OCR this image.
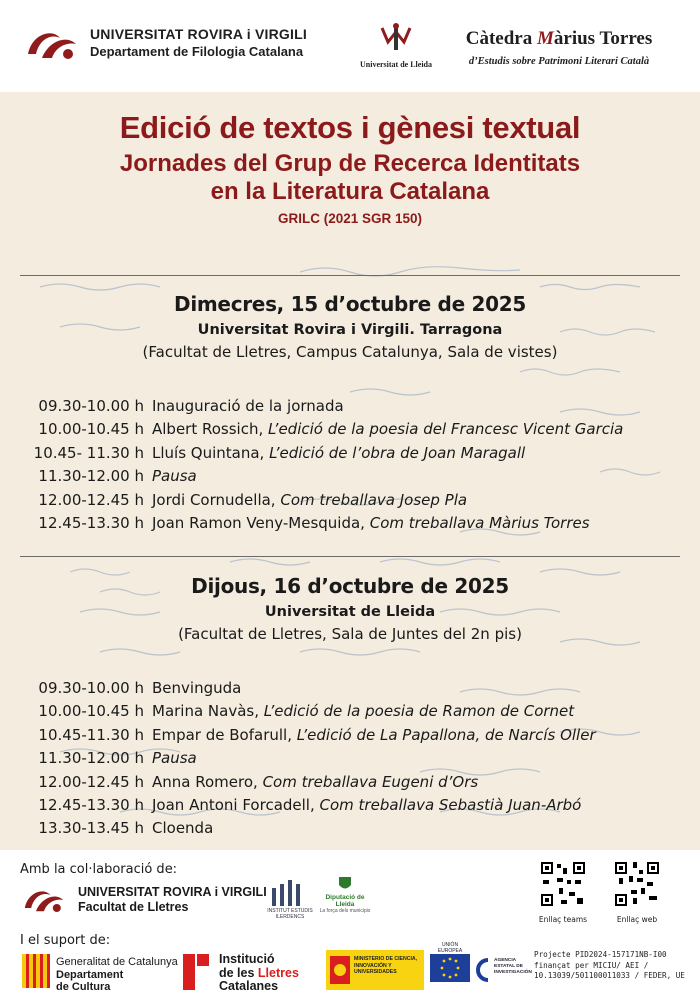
UNIVERSITAT ROVIRA i VIRGILI
Departament de Filologia Catalana
Universitat de Lleida
Càtedra Màrius Torres
d’Estudis sobre Patrimoni Literari Català
Edició de textos i gènesi textual
Jornades del Grup de Recerca Identitats
en la Literatura Catalana
GRILC (2021 SGR 150)
Dimecres, 15 d’octubre de 2025
Universitat Rovira i Virgili. Tarragona
(Facultat de Lletres, Campus Catalunya, Sala de vistes)
09.30-10.00 h Inauguració de la jornada
10.00-10.45 h Albert Rossich, L’edició de la poesia del Francesc Vicent Garcia
10.45- 11.30 h Lluís Quintana, L’edició de l’obra de Joan Maragall
11.30-12.00 h Pausa
12.00-12.45 h Jordi Cornudella, Com treballava Josep Pla
12.45-13.30 h Joan Ramon Veny-Mesquida, Com treballava Màrius Torres
Dijous, 16 d’octubre de 2025
Universitat de Lleida
(Facultat de Lletres, Sala de Juntes del 2n pis)
09.30-10.00 h Benvinguda
10.00-10.45 h Marina Navàs, L’edició de la poesia de Ramon de Cornet
10.45-11.30 h Empar de Bofarull, L’edició de La Papallona, de Narcís Oller
11.30-12.00 h Pausa
12.00-12.45 h Anna Romero, Com treballava Eugeni d’Ors
12.45-13.30 h Joan Antoni Forcadell, Com treballava Sebastià Juan-Arbó
13.30-13.45 h Cloenda
Amb la col·laboració de:
UNIVERSITAT ROVIRA i VIRGILI
Facultat de Lletres	INSTITUT ESTUDIS ILERDENCS
Diputació de Lleida
La força dels municipis
Enllaç teams	Enllaç web
I el suport de:
Generalitat de Catalunya
Departament
de Cultura
Institució
de les Lletres
Catalanes
MINISTERIO DE CIENCIA, INNOVACIÓN Y UNIVERSIDADES
UNIÓN EUROPEA
AGENCIA ESTATAL DE INVESTIGACIÓN
Projecte PID2024-157171NB-I00 finançat per MICIU/ AEI / 10.13039/501100011033 / FEDER, UE
